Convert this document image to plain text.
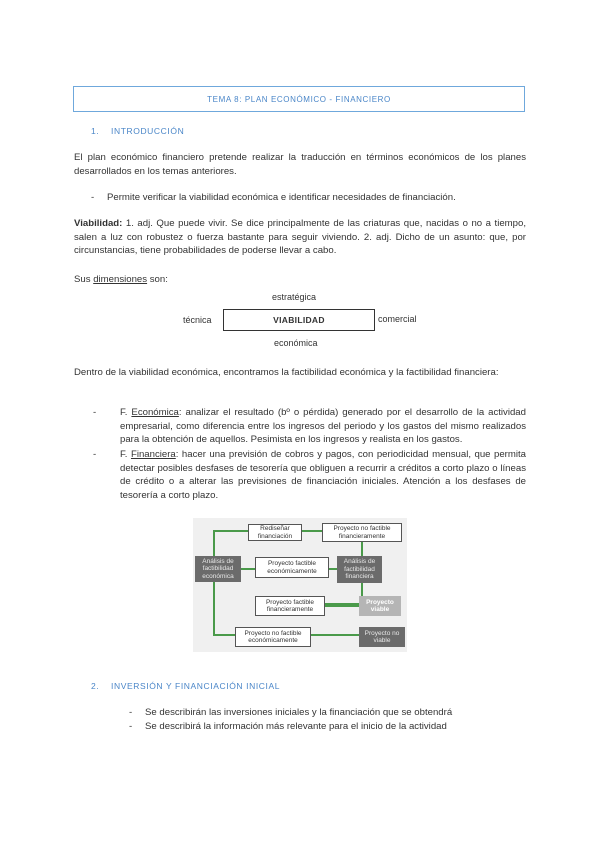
TEMA 8: PLAN ECONÓMICO - FINANCIERO
1. INTRODUCCIÓN
El plan económico financiero pretende realizar la traducción en términos económicos de los planes desarrollados en los temas anteriores.
- Permite verificar la viabilidad económica e identificar necesidades de financiación.
Viabilidad: 1. adj. Que puede vivir. Se dice principalmente de las criaturas que, nacidas o no a tiempo, salen a luz con robustez o fuerza bastante para seguir viviendo. 2. adj. Dicho de un asunto: que, por circunstancias, tiene probabilidades de poderse llevar a cabo.
Sus dimensiones son:
estratégica
técnica	VIABILIDAD	comercial
económica
Dentro de la viabilidad económica, encontramos la factibilidad económica y la factibilidad financiera:
- F. Económica: analizar el resultado (bº o pérdida) generado por el desarrollo de la actividad empresarial, como diferencia entre los ingresos del periodo y los gastos del mismo realizados para la obtención de aquellos. Pesimista en los ingresos y realista en los gastos.
- F. Financiera: hacer una previsión de cobros y pagos, con periodicidad mensual, que permita detectar posibles desfases de tesorería que obliguen a recurrir a créditos a corto plazo o líneas de crédito o a alterar las previsiones de financiación iniciales. Atención a los desfases de tesorería a corto plazo.
Rediseñar financiación
Proyecto no factible financieramente
Análisis de factibilidad económica
Proyecto factible económicamente
Análisis de factibilidad financiera
Proyecto factible financieramente
Proyecto viable
Proyecto no factible económicamente
Proyecto no viable
2. INVERSIÓN Y FINANCIACIÓN INICIAL
- Se describirán las inversiones iniciales y la financiación que se obtendrá
- Se describirá la información más relevante para el inicio de la actividad
